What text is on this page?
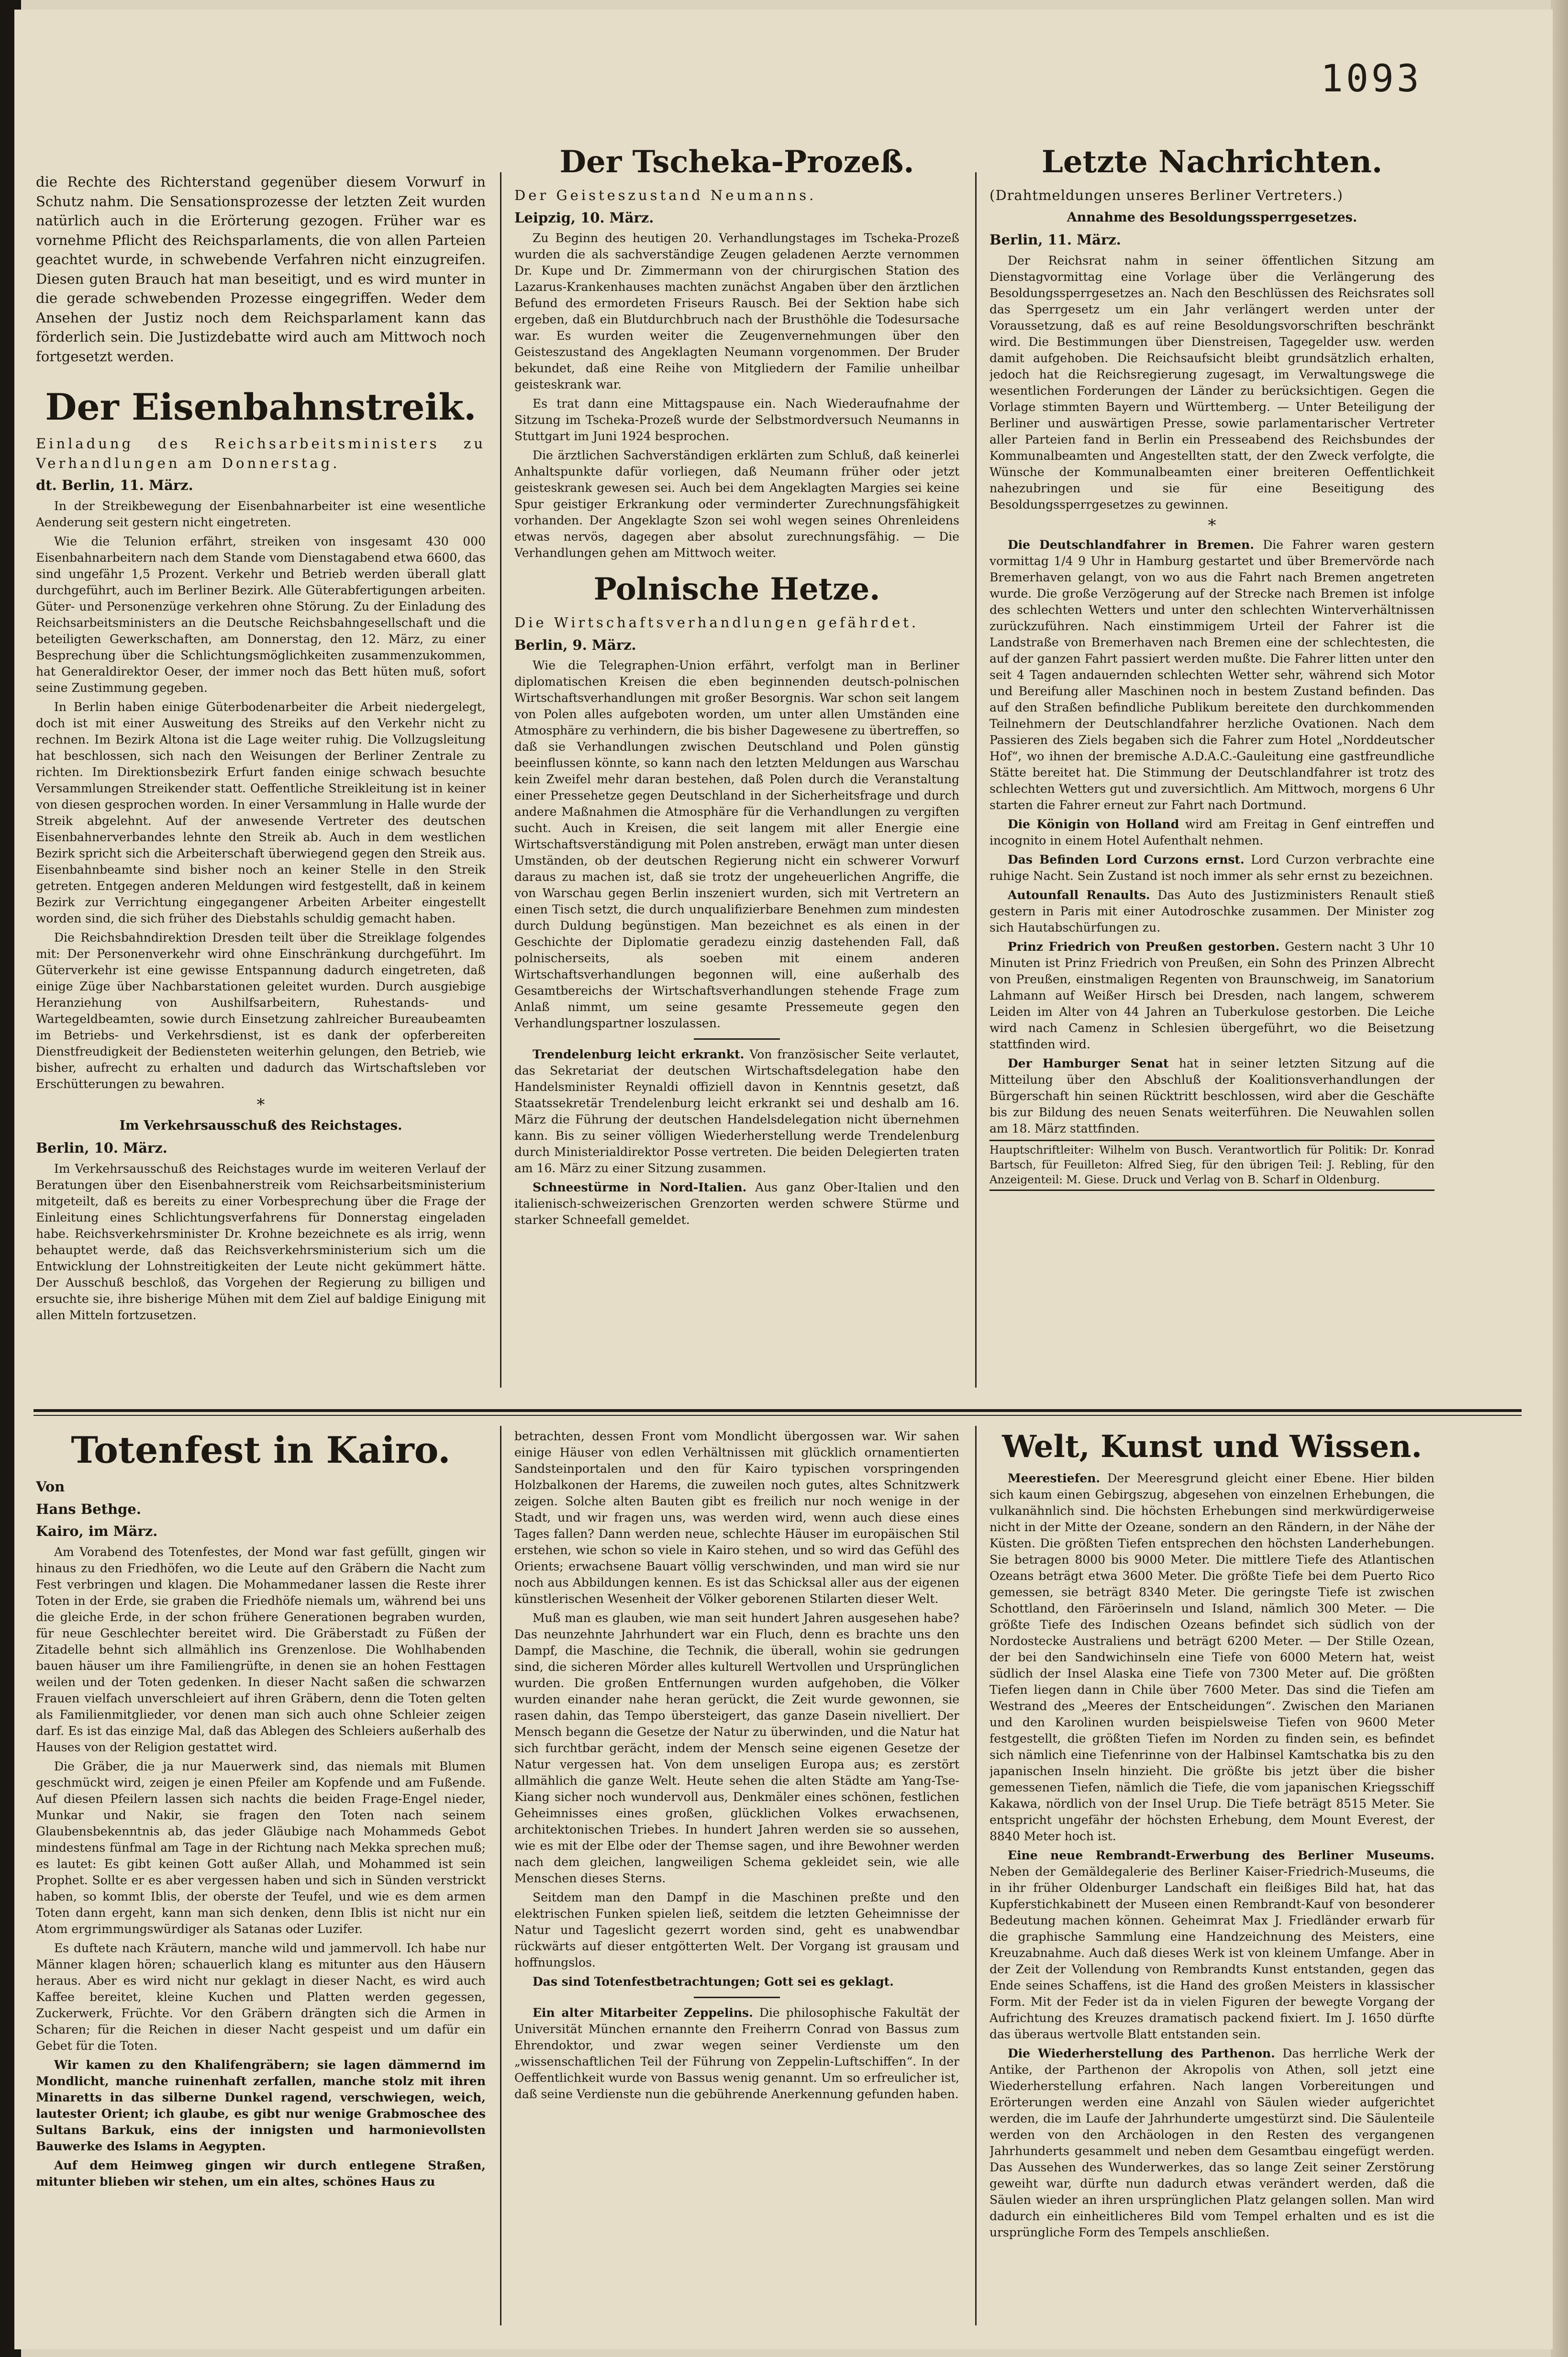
1093

die Rechte des Richterstand gegenüber diesem Vorwurf in Schutz nahm. Die Sensationsprozesse der letzten Zeit wurden natürlich auch in die Erörterung gezogen. Früher war es vornehme Pflicht des Reichsparlaments, die von allen Parteien geachtet wurde, in schwebende Verfahren nicht einzugreifen. Diesen guten Brauch hat man beseitigt, und es wird munter in die gerade schwebenden Prozesse eingegriffen. Weder dem Ansehen der Justiz noch dem Reichsparlament kann das förderlich sein. Die Justizdebatte wird auch am Mittwoch noch fortgesetzt werden.

Der Eisenbahnstreik.

Einladung des Reichsarbeitsministers zu Verhandlungen am Donnerstag.

dt. Berlin, 11. März.

In der Streikbewegung der Eisenbahnarbeiter ist eine wesentliche Aenderung seit gestern nicht eingetreten.

Wie die Telunion erfährt, streiken von insgesamt 430 000 Eisenbahnarbeitern nach dem Stande vom Dienstagabend etwa 6600, das sind ungefähr 1,5 Prozent. Verkehr und Betrieb werden überall glatt durchgeführt, auch im Berliner Bezirk. Alle Güterabfertigungen arbeiten. Güter- und Personenzüge verkehren ohne Störung. Zu der Einladung des Reichsarbeitsministers an die Deutsche Reichsbahngesellschaft und die beteiligten Gewerkschaften, am Donnerstag, den 12. März, zu einer Besprechung über die Schlichtungsmöglichkeiten zusammenzukommen, hat Generaldirektor Oeser, der immer noch das Bett hüten muß, sofort seine Zustimmung gegeben.

In Berlin haben einige Güterbodenarbeiter die Arbeit niedergelegt, doch ist mit einer Ausweitung des Streiks auf den Verkehr nicht zu rechnen. Im Bezirk Altona ist die Lage weiter ruhig. Die Vollzugsleitung hat beschlossen, sich nach den Weisungen der Berliner Zentrale zu richten. Im Direktionsbezirk Erfurt fanden einige schwach besuchte Versammlungen Streikender statt. Oeffentliche Streikleitung ist in keiner von diesen gesprochen worden. In einer Versammlung in Halle wurde der Streik abgelehnt. Auf der anwesende Vertreter des deutschen Eisenbahnerverbandes lehnte den Streik ab. Auch in dem westlichen Bezirk spricht sich die Arbeiterschaft überwiegend gegen den Streik aus. Eisenbahnbeamte sind bisher noch an keiner Stelle in den Streik getreten. Entgegen anderen Meldungen wird festgestellt, daß in keinem Bezirk zur Verrichtung eingegangener Arbeiten Arbeiter eingestellt worden sind, die sich früher des Diebstahls schuldig gemacht haben.

Die Reichsbahndirektion Dresden teilt über die Streiklage folgendes mit: Der Personenverkehr wird ohne Einschränkung durchgeführt. Im Güterverkehr ist eine gewisse Entspannung dadurch eingetreten, daß einige Züge über Nachbarstationen geleitet wurden. Durch ausgiebige Heranziehung von Aushilfsarbeitern, Ruhestands- und Wartegeldbeamten, sowie durch Einsetzung zahlreicher Bureaubeamten im Betriebs- und Verkehrsdienst, ist es dank der opferbereiten Dienstfreudigkeit der Bediensteten weiterhin gelungen, den Betrieb, wie bisher, aufrecht zu erhalten und dadurch das Wirtschaftsleben vor Erschütterungen zu bewahren.

*

Im Verkehrsausschuß des Reichstages.

Berlin, 10. März.

Im Verkehrsausschuß des Reichstages wurde im weiteren Verlauf der Beratungen über den Eisenbahnerstreik vom Reichsarbeitsministerium mitgeteilt, daß es bereits zu einer Vorbesprechung über die Frage der Einleitung eines Schlichtungsverfahrens für Donnerstag eingeladen habe. Reichsverkehrsminister Dr. Krohne bezeichnete es als irrig, wenn behauptet werde, daß das Reichsverkehrsministerium sich um die Entwicklung der Lohnstreitigkeiten der Leute nicht gekümmert hätte. Der Ausschuß beschloß, das Vorgehen der Regierung zu billigen und ersuchte sie, ihre bisherige Mühen mit dem Ziel auf baldige Einigung mit allen Mitteln fortzusetzen.

Der Tscheka-Prozeß.

Der Geisteszustand Neumanns.

Leipzig, 10. März.

Zu Beginn des heutigen 20. Verhandlungstages im Tscheka-Prozeß wurden die als sachverständige Zeugen geladenen Aerzte vernommen Dr. Kupe und Dr. Zimmermann von der chirurgischen Station des Lazarus-Krankenhauses machten zunächst Angaben über den ärztlichen Befund des ermordeten Friseurs Rausch. Bei der Sektion habe sich ergeben, daß ein Blutdurchbruch nach der Brusthöhle die Todesursache war. Es wurden weiter die Zeugenvernehmungen über den Geisteszustand des Angeklagten Neumann vorgenommen. Der Bruder bekundet, daß eine Reihe von Mitgliedern der Familie unheilbar geisteskrank war.

Es trat dann eine Mittagspause ein. Nach Wiederaufnahme der Sitzung im Tscheka-Prozeß wurde der Selbstmordversuch Neumanns in Stuttgart im Juni 1924 besprochen.

Die ärztlichen Sachverständigen erklärten zum Schluß, daß keinerlei Anhaltspunkte dafür vorliegen, daß Neumann früher oder jetzt geisteskrank gewesen sei. Auch bei dem Angeklagten Margies sei keine Spur geistiger Erkrankung oder verminderter Zurechnungsfähigkeit vorhanden. Der Angeklagte Szon sei wohl wegen seines Ohrenleidens etwas nervös, dagegen aber absolut zurechnungsfähig. — Die Verhandlungen gehen am Mittwoch weiter.

Polnische Hetze.

Die Wirtschaftsverhandlungen gefährdet.

Berlin, 9. März.

Wie die Telegraphen-Union erfährt, verfolgt man in Berliner diplomatischen Kreisen die eben beginnenden deutsch-polnischen Wirtschaftsverhandlungen mit großer Besorgnis. War schon seit langem von Polen alles aufgeboten worden, um unter allen Umständen eine Atmosphäre zu verhindern, die bis bisher Dagewesene zu übertreffen, so daß sie Verhandlungen zwischen Deutschland und Polen günstig beeinflussen könnte, so kann nach den letzten Meldungen aus Warschau kein Zweifel mehr daran bestehen, daß Polen durch die Veranstaltung einer Pressehetze gegen Deutschland in der Sicherheitsfrage und durch andere Maßnahmen die Atmosphäre für die Verhandlungen zu vergiften sucht. Auch in Kreisen, die seit langem mit aller Energie eine Wirtschaftsverständigung mit Polen anstreben, erwägt man unter diesen Umständen, ob der deutschen Regierung nicht ein schwerer Vorwurf daraus zu machen ist, daß sie trotz der ungeheuerlichen Angriffe, die von Warschau gegen Berlin inszeniert wurden, sich mit Vertretern an einen Tisch setzt, die durch unqualifizierbare Benehmen zum mindesten durch Duldung begünstigen. Man bezeichnet es als einen in der Geschichte der Diplomatie geradezu einzig dastehenden Fall, daß polnischerseits, als soeben mit einem anderen Wirtschaftsverhandlungen begonnen will, eine außerhalb des Gesamtbereichs der Wirtschaftsverhandlungen stehende Frage zum Anlaß nimmt, um seine gesamte Pressemeute gegen den Verhandlungspartner loszulassen.

Trendelenburg leicht erkrankt. Von französischer Seite verlautet, das Sekretariat der deutschen Wirtschaftsdelegation habe den Handelsminister Reynaldi offiziell davon in Kenntnis gesetzt, daß Staatssekretär Trendelenburg leicht erkrankt sei und deshalb am 16. März die Führung der deutschen Handelsdelegation nicht übernehmen kann. Bis zu seiner völligen Wiederherstellung werde Trendelenburg durch Ministerialdirektor Posse vertreten. Die beiden Delegierten traten am 16. März zu einer Sitzung zusammen.

Schneestürme in Nord-Italien. Aus ganz Ober-Italien und den italienisch-schweizerischen Grenzorten werden schwere Stürme und starker Schneefall gemeldet.

Letzte Nachrichten.

(Drahtmeldungen unseres Berliner Vertreters.)

Annahme des Besoldungssperrgesetzes.

Berlin, 11. März.

Der Reichsrat nahm in seiner öffentlichen Sitzung am Dienstagvormittag eine Vorlage über die Verlängerung des Besoldungssperrgesetzes an. Nach den Beschlüssen des Reichsrates soll das Sperrgesetz um ein Jahr verlängert werden unter der Voraussetzung, daß es auf reine Besoldungsvorschriften beschränkt wird. Die Bestimmungen über Dienstreisen, Tagegelder usw. werden damit aufgehoben. Die Reichsaufsicht bleibt grundsätzlich erhalten, jedoch hat die Reichsregierung zugesagt, im Verwaltungswege die wesentlichen Forderungen der Länder zu berücksichtigen. Gegen die Vorlage stimmten Bayern und Württemberg. — Unter Beteiligung der Berliner und auswärtigen Presse, sowie parlamentarischer Vertreter aller Parteien fand in Berlin ein Presseabend des Reichsbundes der Kommunalbeamten und Angestellten statt, der den Zweck verfolgte, die Wünsche der Kommunalbeamten einer breiteren Oeffentlichkeit nahezubringen und sie für eine Beseitigung des Besoldungssperrgesetzes zu gewinnen.

*

Die Deutschlandfahrer in Bremen. Die Fahrer waren gestern vormittag 1/4 9 Uhr in Hamburg gestartet und über Bremervörde nach Bremerhaven gelangt, von wo aus die Fahrt nach Bremen angetreten wurde. Die große Verzögerung auf der Strecke nach Bremen ist infolge des schlechten Wetters und unter den schlechten Winterverhältnissen zurückzuführen. Nach einstimmigem Urteil der Fahrer ist die Landstraße von Bremerhaven nach Bremen eine der schlechtesten, die auf der ganzen Fahrt passiert werden mußte. Die Fahrer litten unter den seit 4 Tagen andauernden schlechten Wetter sehr, während sich Motor und Bereifung aller Maschinen noch in bestem Zustand befinden. Das auf den Straßen befindliche Publikum bereitete den durchkommenden Teilnehmern der Deutschlandfahrer herzliche Ovationen. Nach dem Passieren des Ziels begaben sich die Fahrer zum Hotel „Norddeutscher Hof“, wo ihnen der bremische A.D.A.C.-Gauleitung eine gastfreundliche Stätte bereitet hat. Die Stimmung der Deutschlandfahrer ist trotz des schlechten Wetters gut und zuversichtlich. Am Mittwoch, morgens 6 Uhr starten die Fahrer erneut zur Fahrt nach Dortmund.

Die Königin von Holland wird am Freitag in Genf eintreffen und incognito in einem Hotel Aufenthalt nehmen.

Das Befinden Lord Curzons ernst. Lord Curzon verbrachte eine ruhige Nacht. Sein Zustand ist noch immer als sehr ernst zu bezeichnen.

Autounfall Renaults. Das Auto des Justizministers Renault stieß gestern in Paris mit einer Autodroschke zusammen. Der Minister zog sich Hautabschürfungen zu.

Prinz Friedrich von Preußen gestorben. Gestern nacht 3 Uhr 10 Minuten ist Prinz Friedrich von Preußen, ein Sohn des Prinzen Albrecht von Preußen, einstmaligen Regenten von Braunschweig, im Sanatorium Lahmann auf Weißer Hirsch bei Dresden, nach langem, schwerem Leiden im Alter von 44 Jahren an Tuberkulose gestorben. Die Leiche wird nach Camenz in Schlesien übergeführt, wo die Beisetzung stattfinden wird.

Der Hamburger Senat hat in seiner letzten Sitzung auf die Mitteilung über den Abschluß der Koalitionsverhandlungen der Bürgerschaft hin seinen Rücktritt beschlossen, wird aber die Geschäfte bis zur Bildung des neuen Senats weiterführen. Die Neuwahlen sollen am 18. März stattfinden.

Hauptschriftleiter: Wilhelm von Busch. Verantwortlich für Politik: Dr. Konrad Bartsch, für Feuilleton: Alfred Sieg, für den übrigen Teil: J. Rebling, für den Anzeigenteil: M. Giese. Druck und Verlag von B. Scharf in Oldenburg.

Totenfest in Kairo.

Von

Hans Bethge.

Kairo, im März.

Am Vorabend des Totenfestes, der Mond war fast gefüllt, gingen wir hinaus zu den Friedhöfen, wo die Leute auf den Gräbern die Nacht zum Fest verbringen und klagen. Die Mohammedaner lassen die Reste ihrer Toten in der Erde, sie graben die Friedhöfe niemals um, während bei uns die gleiche Erde, in der schon frühere Generationen begraben wurden, für neue Geschlechter bereitet wird. Die Gräberstadt zu Füßen der Zitadelle behnt sich allmählich ins Grenzenlose. Die Wohlhabenden bauen häuser um ihre Familiengrüfte, in denen sie an hohen Festtagen weilen und der Toten gedenken. In dieser Nacht saßen die schwarzen Frauen vielfach unverschleiert auf ihren Gräbern, denn die Toten gelten als Familienmitglieder, vor denen man sich auch ohne Schleier zeigen darf. Es ist das einzige Mal, daß das Ablegen des Schleiers außerhalb des Hauses von der Religion gestattet wird.

Die Gräber, die ja nur Mauerwerk sind, das niemals mit Blumen geschmückt wird, zeigen je einen Pfeiler am Kopfende und am Fußende. Auf diesen Pfeilern lassen sich nachts die beiden Frage-Engel nieder, Munkar und Nakir, sie fragen den Toten nach seinem Glaubensbekenntnis ab, das jeder Gläubige nach Mohammeds Gebot mindestens fünfmal am Tage in der Richtung nach Mekka sprechen muß; es lautet: Es gibt keinen Gott außer Allah, und Mohammed ist sein Prophet. Sollte er es aber vergessen haben und sich in Sünden verstrickt haben, so kommt Iblis, der oberste der Teufel, und wie es dem armen Toten dann ergeht, kann man sich denken, denn Iblis ist nicht nur ein Atom ergrimmungswürdiger als Satanas oder Luzifer.

Es duftete nach Kräutern, manche wild und jammervoll. Ich habe nur Männer klagen hören; schauerlich klang es mitunter aus den Häusern heraus. Aber es wird nicht nur geklagt in dieser Nacht, es wird auch Kaffee bereitet, kleine Kuchen und Platten werden gegessen, Zuckerwerk, Früchte. Vor den Gräbern drängten sich die Armen in Scharen; für die Reichen in dieser Nacht gespeist und um dafür ein Gebet für die Toten.

Wir kamen zu den Khalifengräbern; sie lagen dämmernd im Mondlicht, manche ruinenhaft zerfallen, manche stolz mit ihren Minaretts in das silberne Dunkel ragend, verschwiegen, weich, lautester Orient; ich glaube, es gibt nur wenige Grabmoschee des Sultans Barkuk, eins der innigsten und harmonievollsten Bauwerke des Islams in Aegypten.

Auf dem Heimweg gingen wir durch entlegene Straßen, mitunter blieben wir stehen, um ein altes, schönes Haus zu

betrachten, dessen Front vom Mondlicht übergossen war. Wir sahen einige Häuser von edlen Verhältnissen mit glücklich ornamentierten Sandsteinportalen und den für Kairo typischen vorspringenden Holzbalkonen der Harems, die zuweilen noch gutes, altes Schnitzwerk zeigen. Solche alten Bauten gibt es freilich nur noch wenige in der Stadt, und wir fragen uns, was werden wird, wenn auch diese eines Tages fallen? Dann werden neue, schlechte Häuser im europäischen Stil erstehen, wie schon so viele in Kairo stehen, und so wird das Gefühl des Orients; erwachsene Bauart völlig verschwinden, und man wird sie nur noch aus Abbildungen kennen. Es ist das Schicksal aller aus der eigenen künstlerischen Wesenheit der Völker geborenen Stilarten dieser Welt.

Muß man es glauben, wie man seit hundert Jahren ausgesehen habe? Das neunzehnte Jahrhundert war ein Fluch, denn es brachte uns den Dampf, die Maschine, die Technik, die überall, wohin sie gedrungen sind, die sicheren Mörder alles kulturell Wertvollen und Ursprünglichen wurden. Die großen Entfernungen wurden aufgehoben, die Völker wurden einander nahe heran gerückt, die Zeit wurde gewonnen, sie rasen dahin, das Tempo übersteigert, das ganze Dasein nivelliert. Der Mensch begann die Gesetze der Natur zu überwinden, und die Natur hat sich furchtbar gerächt, indem der Mensch seine eigenen Gesetze der Natur vergessen hat. Von dem unseligen Europa aus; es zerstört allmählich die ganze Welt. Heute sehen die alten Städte am Yang-Tse-Kiang sicher noch wundervoll aus, Denkmäler eines schönen, festlichen Geheimnisses eines großen, glücklichen Volkes erwachsenen, architektonischen Triebes. In hundert Jahren werden sie so aussehen, wie es mit der Elbe oder der Themse sagen, und ihre Bewohner werden nach dem gleichen, langweiligen Schema gekleidet sein, wie alle Menschen dieses Sterns.

Seitdem man den Dampf in die Maschinen preßte und den elektrischen Funken spielen ließ, seitdem die letzten Geheimnisse der Natur und Tageslicht gezerrt worden sind, geht es unabwendbar rückwärts auf dieser entgötterten Welt. Der Vorgang ist grausam und hoffnungslos.

Das sind Totenfestbetrachtungen; Gott sei es geklagt.

Ein alter Mitarbeiter Zeppelins. Die philosophische Fakultät der Universität München ernannte den Freiherrn Conrad von Bassus zum Ehrendoktor, und zwar wegen seiner Verdienste um den „wissenschaftlichen Teil der Führung von Zeppelin-Luftschiffen“. In der Oeffentlichkeit wurde von Bassus wenig genannt. Um so erfreulicher ist, daß seine Verdienste nun die gebührende Anerkennung gefunden haben.

Welt, Kunst und Wissen.

Meerestiefen. Der Meeresgrund gleicht einer Ebene. Hier bilden sich kaum einen Gebirgszug, abgesehen von einzelnen Erhebungen, die vulkanähnlich sind. Die höchsten Erhebungen sind merkwürdigerweise nicht in der Mitte der Ozeane, sondern an den Rändern, in der Nähe der Küsten. Die größten Tiefen entsprechen den höchsten Landerhebungen. Sie betragen 8000 bis 9000 Meter. Die mittlere Tiefe des Atlantischen Ozeans beträgt etwa 3600 Meter. Die größte Tiefe bei dem Puerto Rico gemessen, sie beträgt 8340 Meter. Die geringste Tiefe ist zwischen Schottland, den Färöerinseln und Island, nämlich 300 Meter. — Die größte Tiefe des Indischen Ozeans befindet sich südlich von der Nordostecke Australiens und beträgt 6200 Meter. — Der Stille Ozean, der bei den Sandwichinseln eine Tiefe von 6000 Metern hat, weist südlich der Insel Alaska eine Tiefe von 7300 Meter auf. Die größten Tiefen liegen dann in Chile über 7600 Meter. Das sind die Tiefen am Westrand des „Meeres der Entscheidungen“. Zwischen den Marianen und den Karolinen wurden beispielsweise Tiefen von 9600 Meter festgestellt, die größten Tiefen im Norden zu finden sein, es befindet sich nämlich eine Tiefenrinne von der Halbinsel Kamtschatka bis zu den japanischen Inseln hinzieht. Die größte bis jetzt über die bisher gemessenen Tiefen, nämlich die Tiefe, die vom japanischen Kriegsschiff Kakawa, nördlich von der Insel Urup. Die Tiefe beträgt 8515 Meter. Sie entspricht ungefähr der höchsten Erhebung, dem Mount Everest, der 8840 Meter hoch ist.

Eine neue Rembrandt-Erwerbung des Berliner Museums. Neben der Gemäldegalerie des Berliner Kaiser-Friedrich-Museums, die in ihr früher Oldenburger Landschaft ein fleißiges Bild hat, hat das Kupferstichkabinett der Museen einen Rembrandt-Kauf von besonderer Bedeutung machen können. Geheimrat Max J. Friedländer erwarb für die graphische Sammlung eine Handzeichnung des Meisters, eine Kreuzabnahme. Auch daß dieses Werk ist von kleinem Umfange. Aber in der Zeit der Vollendung von Rembrandts Kunst entstanden, gegen das Ende seines Schaffens, ist die Hand des großen Meisters in klassischer Form. Mit der Feder ist da in vielen Figuren der bewegte Vorgang der Aufrichtung des Kreuzes dramatisch packend fixiert. Im J. 1650 dürfte das überaus wertvolle Blatt entstanden sein.

Die Wiederherstellung des Parthenon. Das herrliche Werk der Antike, der Parthenon der Akropolis von Athen, soll jetzt eine Wiederherstellung erfahren. Nach langen Vorbereitungen und Erörterungen werden eine Anzahl von Säulen wieder aufgerichtet werden, die im Laufe der Jahrhunderte umgestürzt sind. Die Säulenteile werden von den Archäologen in den Resten des vergangenen Jahrhunderts gesammelt und neben dem Gesamtbau eingefügt werden. Das Aussehen des Wunderwerkes, das so lange Zeit seiner Zerstörung geweiht war, dürfte nun dadurch etwas verändert werden, daß die Säulen wieder an ihren ursprünglichen Platz gelangen sollen. Man wird dadurch ein einheitlicheres Bild vom Tempel erhalten und es ist die ursprüngliche Form des Tempels anschließen.
